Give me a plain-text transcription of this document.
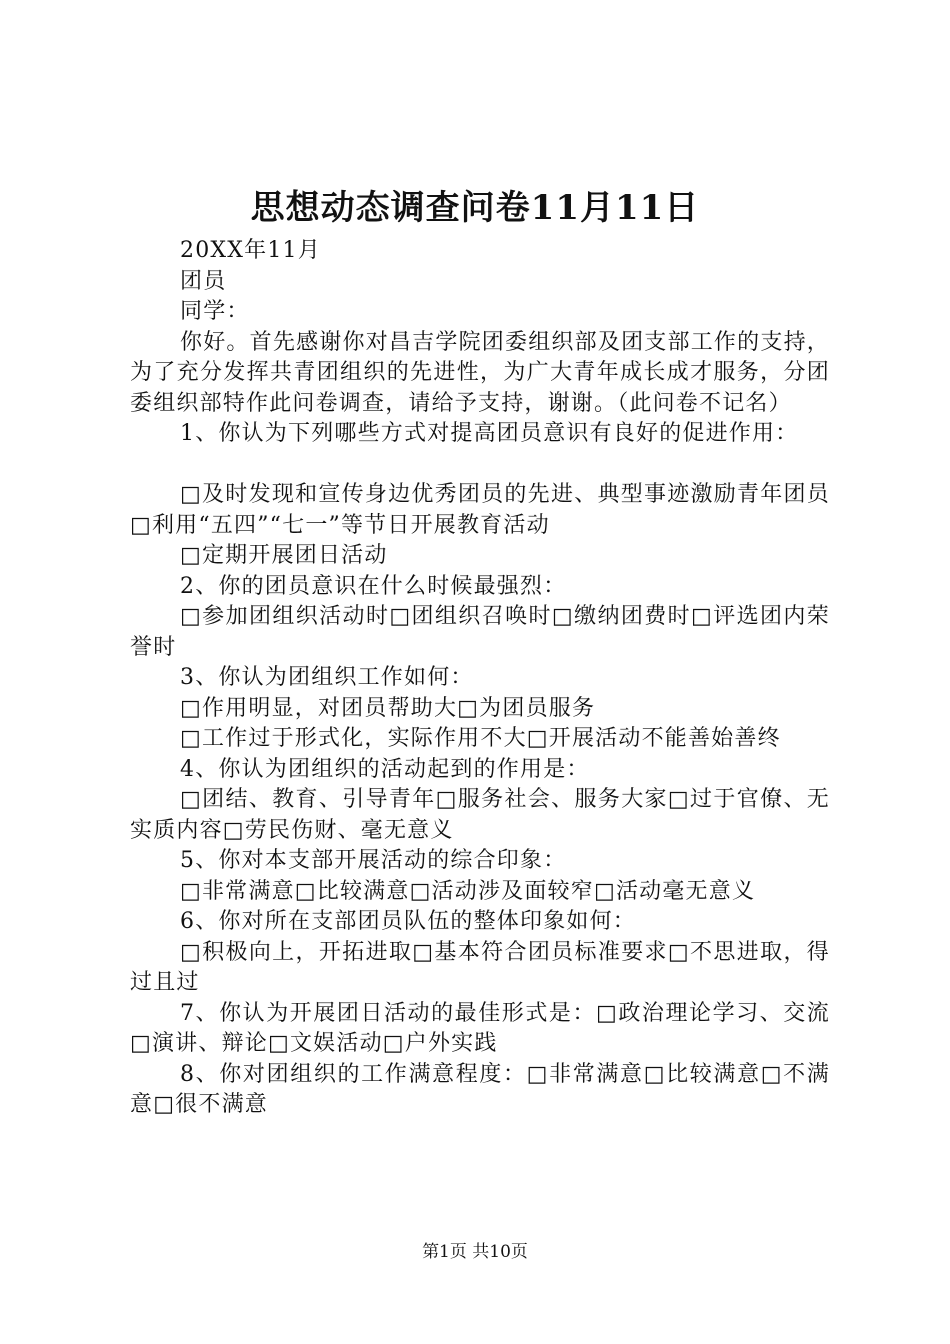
思想动态调查问卷11月11日

20XX年11月

团员

同学：

你好。首先感谢你对昌吉学院团委组织部及团支部工作的支持，为了充分发挥共青团组织的先进性，为广大青年成长成才服务，分团委组织部特作此问卷调查，请给予支持，谢谢。（此问卷不记名）

1、你认为下列哪些方式对提高团员意识有良好的促进作用：

□及时发现和宣传身边优秀团员的先进、典型事迹激励青年团员□利用“五四”“七一”等节日开展教育活动

□定期开展团日活动

2、你的团员意识在什么时候最强烈：

□参加团组织活动时□团组织召唤时□缴纳团费时□评选团内荣誉时

3、你认为团组织工作如何：

□作用明显，对团员帮助大□为团员服务

□工作过于形式化，实际作用不大□开展活动不能善始善终

4、你认为团组织的活动起到的作用是：

□团结、教育、引导青年□服务社会、服务大家□过于官僚、无实质内容□劳民伤财、毫无意义

5、你对本支部开展活动的综合印象：

□非常满意□比较满意□活动涉及面较窄□活动毫无意义

6、你对所在支部团员队伍的整体印象如何：

□积极向上，开拓进取□基本符合团员标准要求□不思进取，得过且过

7、你认为开展团日活动的最佳形式是：□政治理论学习、交流□演讲、辩论□文娱活动□户外实践

8、你对团组织的工作满意程度：□非常满意□比较满意□不满意□很不满意

第1页 共10页
